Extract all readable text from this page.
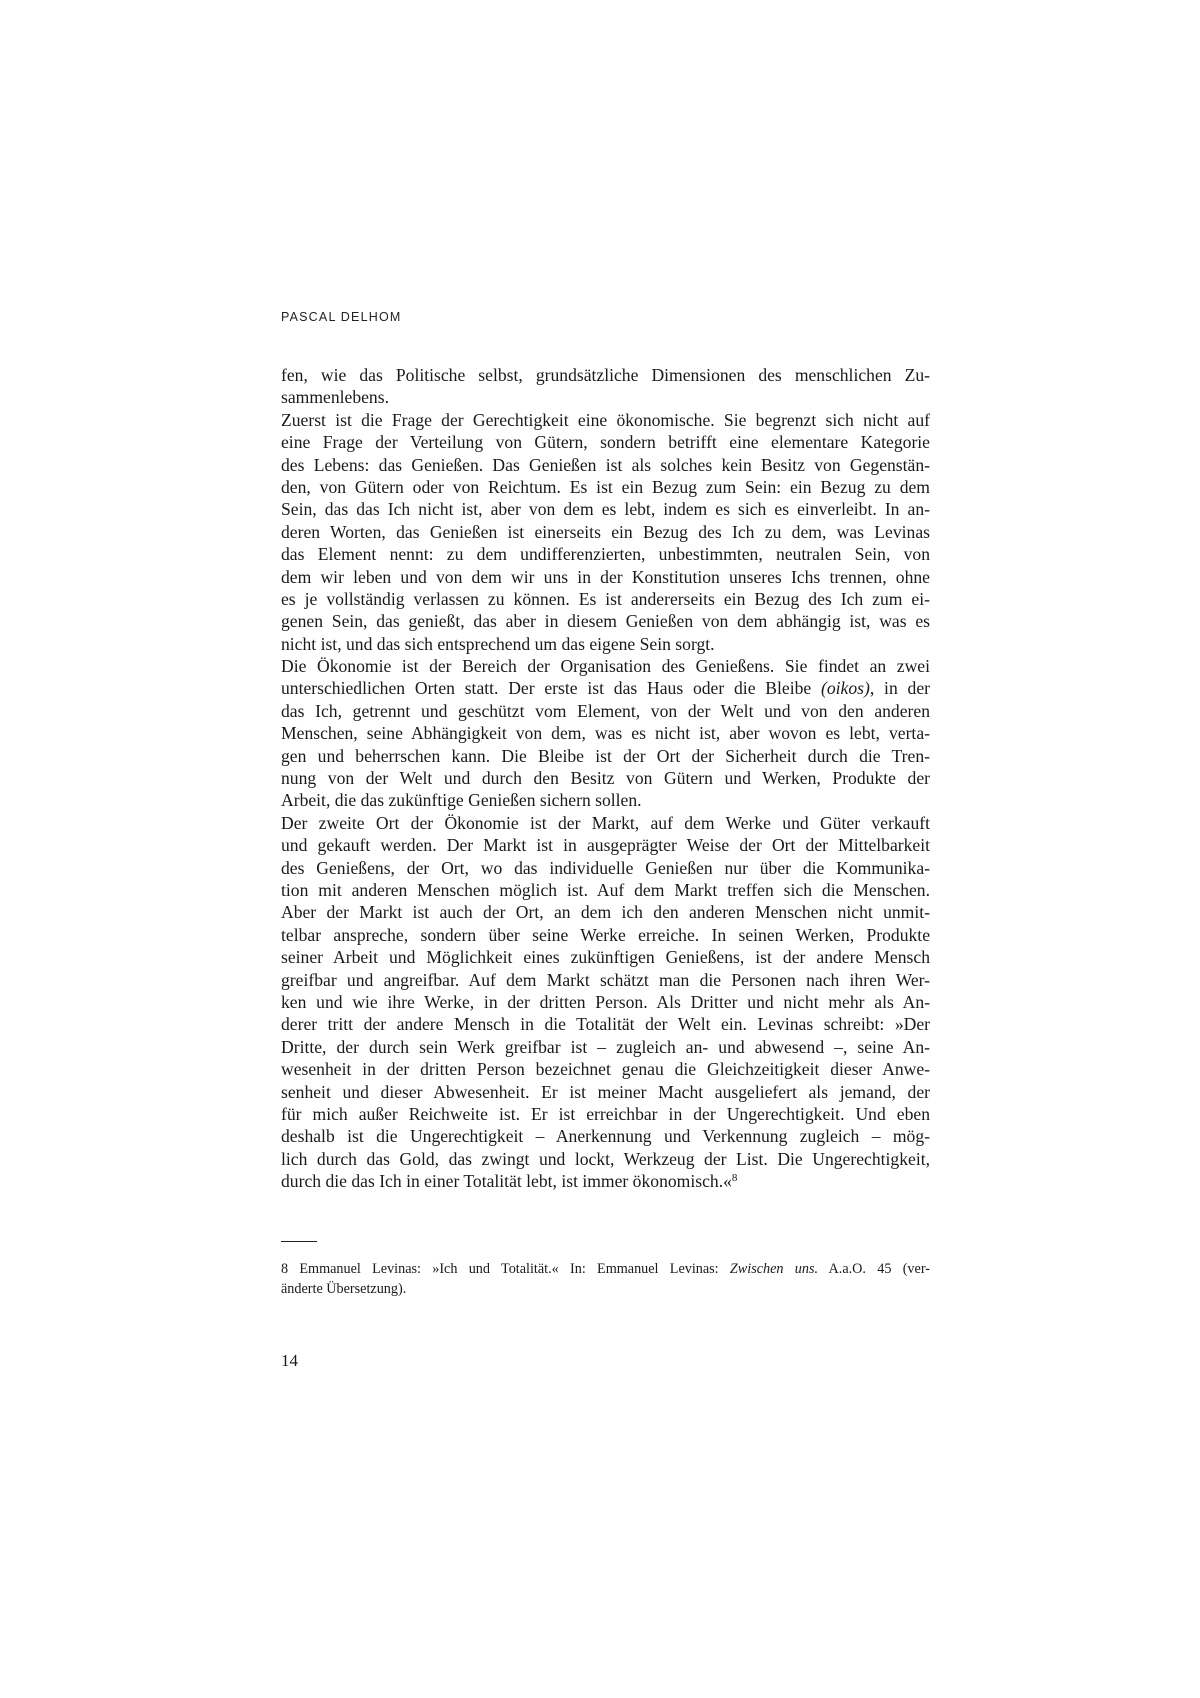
PASCAL DELHOM
fen, wie das Politische selbst, grundsätzliche Dimensionen des menschlichen Zu-
sammenlebens.
Zuerst ist die Frage der Gerechtigkeit eine ökonomische. Sie begrenzt sich nicht auf
eine Frage der Verteilung von Gütern, sondern betrifft eine elementare Kategorie
des Lebens: das Genießen. Das Genießen ist als solches kein Besitz von Gegenstän-
den, von Gütern oder von Reichtum. Es ist ein Bezug zum Sein: ein Bezug zu dem
Sein, das das Ich nicht ist, aber von dem es lebt, indem es sich es einverleibt. In an-
deren Worten, das Genießen ist einerseits ein Bezug des Ich zu dem, was Levinas
das Element nennt: zu dem undifferenzierten, unbestimmten, neutralen Sein, von
dem wir leben und von dem wir uns in der Konstitution unseres Ichs trennen, ohne
es je vollständig verlassen zu können. Es ist andererseits ein Bezug des Ich zum ei-
genen Sein, das genießt, das aber in diesem Genießen von dem abhängig ist, was es
nicht ist, und das sich entsprechend um das eigene Sein sorgt.
Die Ökonomie ist der Bereich der Organisation des Genießens. Sie findet an zwei
unterschiedlichen Orten statt. Der erste ist das Haus oder die Bleibe (oikos), in der
das Ich, getrennt und geschützt vom Element, von der Welt und von den anderen
Menschen, seine Abhängigkeit von dem, was es nicht ist, aber wovon es lebt, verta-
gen und beherrschen kann. Die Bleibe ist der Ort der Sicherheit durch die Tren-
nung von der Welt und durch den Besitz von Gütern und Werken, Produkte der
Arbeit, die das zukünftige Genießen sichern sollen.
Der zweite Ort der Ökonomie ist der Markt, auf dem Werke und Güter verkauft
und gekauft werden. Der Markt ist in ausgeprägter Weise der Ort der Mittelbarkeit
des Genießens, der Ort, wo das individuelle Genießen nur über die Kommunika-
tion mit anderen Menschen möglich ist. Auf dem Markt treffen sich die Menschen.
Aber der Markt ist auch der Ort, an dem ich den anderen Menschen nicht unmit-
telbar anspreche, sondern über seine Werke erreiche. In seinen Werken, Produkte
seiner Arbeit und Möglichkeit eines zukünftigen Genießens, ist der andere Mensch
greifbar und angreifbar. Auf dem Markt schätzt man die Personen nach ihren Wer-
ken und wie ihre Werke, in der dritten Person. Als Dritter und nicht mehr als An-
derer tritt der andere Mensch in die Totalität der Welt ein. Levinas schreibt: »Der
Dritte, der durch sein Werk greifbar ist – zugleich an- und abwesend –, seine An-
wesenheit in der dritten Person bezeichnet genau die Gleichzeitigkeit dieser Anwe-
senheit und dieser Abwesenheit. Er ist meiner Macht ausgeliefert als jemand, der
für mich außer Reichweite ist. Er ist erreichbar in der Ungerechtigkeit. Und eben
deshalb ist die Ungerechtigkeit – Anerkennung und Verkennung zugleich – mög-
lich durch das Gold, das zwingt und lockt, Werkzeug der List. Die Ungerechtigkeit,
durch die das Ich in einer Totalität lebt, ist immer ökonomisch.«$^8$
8 Emmanuel Levinas: »Ich und Totalität.« In: Emmanuel Levinas: Zwischen uns. A.a.O. 45 (ver-
änderte Übersetzung).
14
